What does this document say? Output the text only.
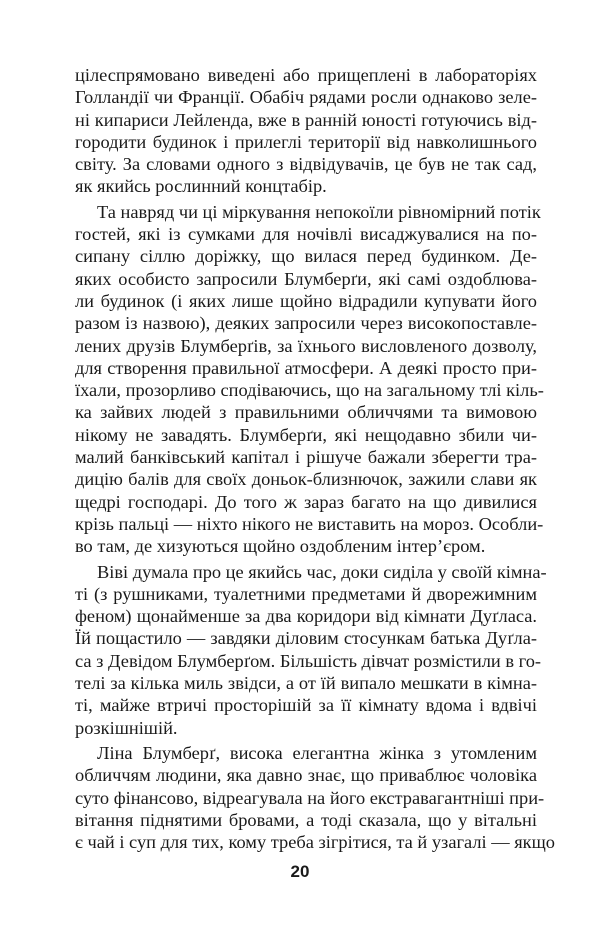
цілеспрямовано виведені або прищеплені в лабораторіях
Голландії чи Франції. Обабіч рядами росли однаково зеле-
ні кипариси Лейленда, вже в ранній юності готуючись від-
городити будинок і прилеглі території від навколишнього
світу. За словами одного з відвідувачів, це був не так сад,
як якийсь рослинний концтабір.

Та навряд чи ці міркування непокоїли рівномірний потік
гостей, які із сумками для ночівлі висаджувалися на по-
сипану сіллю доріжку, що вилася перед будинком. Де-
яких особисто запросили Блумберґи, які самі оздоблюва-
ли будинок (і яких лише щойно відрадили купувати його
разом із назвою), деяких запросили через високопоставле-
лених друзів Блумберґів, за їхнього висловленого дозволу,
для створення правильної атмосфери. А деякі просто при-
їхали, прозорливо сподіваючись, що на загальному тлі кіль-
ка зайвих людей з правильними обличчями та вимовою
нікому не завадять. Блумберґи, які нещодавно збили чи-
малий банківський капітал і рішуче бажали зберегти тра-
дицію балів для своїх доньок-близнючок, зажили слави як
щедрі господарі. До того ж зараз багато на що дивилися
крізь пальці — ніхто нікого не виставить на мороз. Особли-
во там, де хизуються щойно оздобленим інтер’єром.

Віві думала про це якийсь час, доки сиділа у своїй кімна-
ті (з рушниками, туалетними предметами й дворежимним
феном) щонайменше за два коридори від кімнати Дуґласа.
Їй пощастило — завдяки діловим стосункам батька Дуґла-
са з Девідом Блумберґом. Більшість дівчат розмістили в го-
телі за кілька миль звідси, а от їй випало мешкати в кімна-
ті, майже втричі просторішій за її кімнату вдома і вдвічі
розкішнішій.

Ліна Блумберґ, висока елегантна жінка з утомленим
обличчям людини, яка давно знає, що приваблює чоловіка
суто фінансово, відреагувала на його екстравагантніші при-
вітання піднятими бровами, а тоді сказала, що у вітальні
є чай і суп для тих, кому треба зігрітися, та й узагалі — якщо

20
